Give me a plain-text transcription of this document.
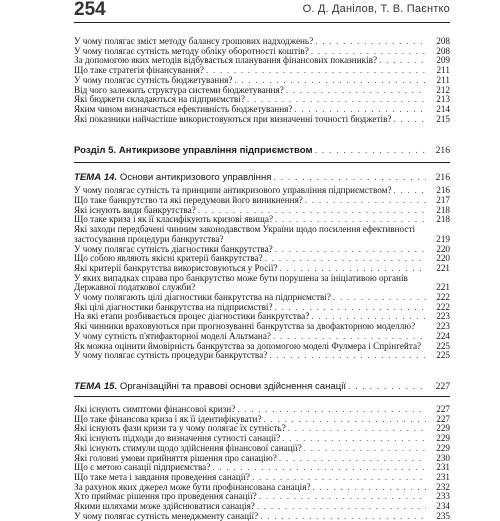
254	О. Д. Данілов, Т. В. Паєнтко
У чому полягає зміст методу балансу грошових надходжень? . . .	208
У чому полягає сутність методу обліку оборотності коштів? . . .	208
За допомогою яких методів відбувається планування фінансових показників? . . .	209
Що таке стратегія фінансування? . . .	211
У чому полягає сутність бюджетування? . . .	211
Від чого залежить структура системи бюджетування? . . .	212
Які бюджети складаються на підприємстві? . . .	213
Яким чином визначається ефективність бюджетування? . . .	214
Які показники найчастіше використовуються при визначенні точності бюджетів? . . .	215
Розділ 5. Антикризове управління підприємством . . .	216
ТЕМА 14. Основи антикризового управління . . .	216
У чому полягає сутність та принципи антикризового управління підприємством? . . .	216
Що таке банкрутство та які передумови його виникнення? . . .	217
Які існують види банкрутства? . . .	218
Що таке криза і як її класифікують кризові явища? . . .	218
Які заходи передбачені чинним законодавством України щодо посилення ефективності застосування процедури банкрутства?	219
У чому полягає сутність діагностики банкрутства? . . .	220
Що собою являють якісні критерії банкрутства? . . .	220
Які критерії банкрутства використовуються у Росії? . . .	221
У яких випадках справа про банкрутство може бути порушена за ініціативою органів Державної податкової служби?	221
У чому полягають цілі діагностики банкрутства на підприємстві? . . .	222
Які цілі діагностики банкрутства на підприємстві? . . .	222
На які етапи розбивається процес діагностики банкрутства? . . .	223
Які чинники враховуються при прогнозуванні банкрутства за двофакторною моделлю?	223
У чому сутність п'ятифакторної моделі Альтмана? . . .	224
Як можна оцінити ймовірність банкрутства за допомогою моделі Фулмера і Спрінгейта?	225
У чому полягає сутність процедури банкрутства? . . .	225
ТЕМА 15. Організаційні та правові основи здійснення санації . . .	227
Які існують симптоми фінансової кризи? . . .	227
Що таке фінансова криза і як її ідентифікувати? . . .	227
Які існують фази кризи та у чому полягає їх сутність? . . .	229
Які існують підходи до визначення сутності санації? . . .	229
Які існують стимули щодо здійснення фінансової санації? . . .	229
Які головні умови прийняття рішення про санацію? . . .	230
Що є метою санації підприємства? . . .	231
Що таке мета і завдання проведення санації? . . .	231
За рахунок яких джерел може бути профінансована санація? . . .	232
Хто приймає рішення про проведення санації? . . .	233
Якими шляхами може здійснюватися санація? . . .	234
У чому полягає сутність менеджменту санації? . . .	235
